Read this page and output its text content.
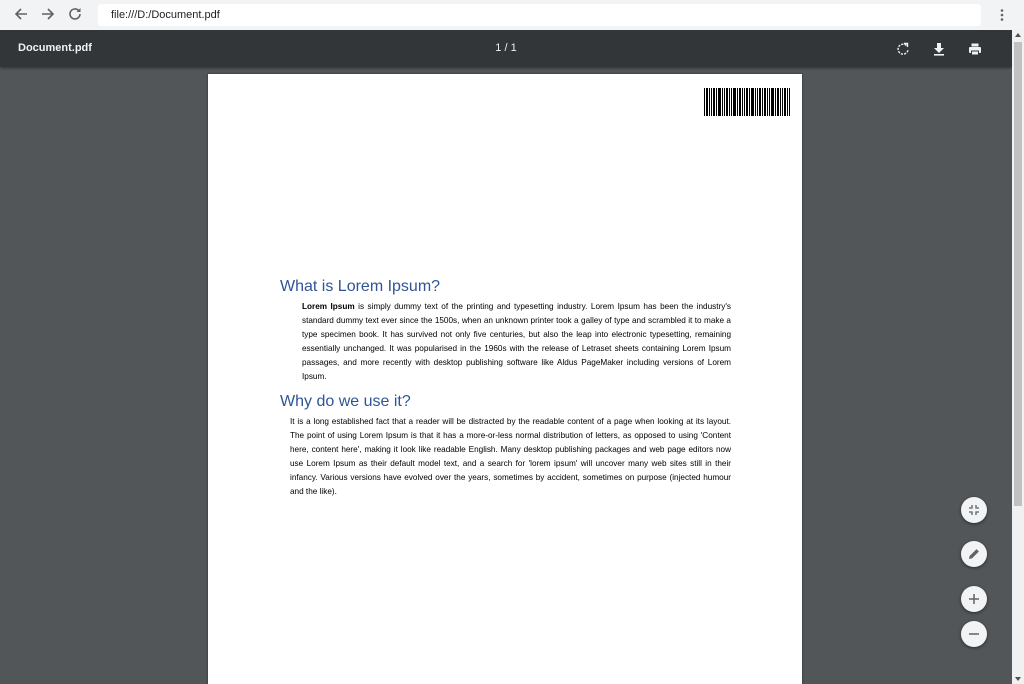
file:///D:/Document.pdf
Document.pdf	1 / 1
What is Lorem Ipsum?

Lorem Ipsum is simply dummy text of the printing and typesetting industry. Lorem Ipsum has been the industry's standard dummy text ever since the 1500s, when an unknown printer took a galley of type and scrambled it to make a type specimen book. It has survived not only five centuries, but also the leap into electronic typesetting, remaining essentially unchanged. It was popularised in the 1960s with the release of Letraset sheets containing Lorem Ipsum passages, and more recently with desktop publishing software like Aldus PageMaker including versions of Lorem Ipsum.

Why do we use it?

It is a long established fact that a reader will be distracted by the readable content of a page when looking at its layout. The point of using Lorem Ipsum is that it has a more-or-less normal distribution of letters, as opposed to using 'Content here, content here', making it look like readable English. Many desktop publishing packages and web page editors now use Lorem Ipsum as their default model text, and a search for 'lorem ipsum' will uncover many web sites still in their infancy. Various versions have evolved over the years, sometimes by accident, sometimes on purpose (injected humour and the like).
